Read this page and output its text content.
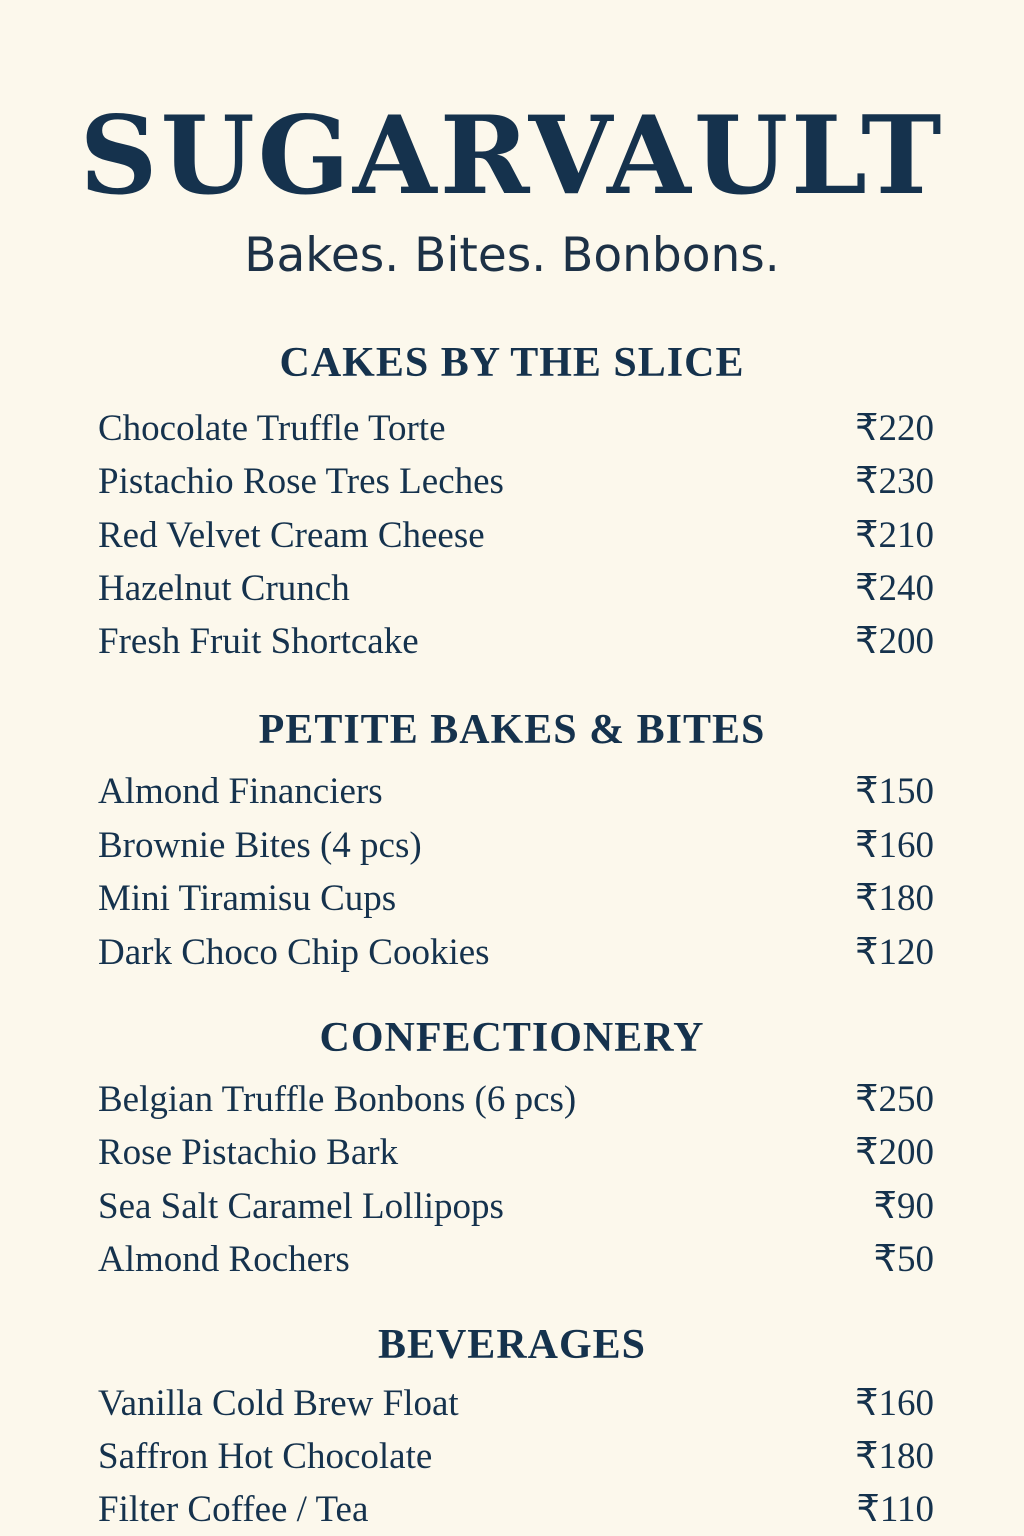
SUGARVAULT
Bakes. Bites. Bonbons.
CAKES BY THE SLICE
Chocolate Truffle Torte	₹220
Pistachio Rose Tres Leches	₹230
Red Velvet Cream Cheese	₹210
Hazelnut Crunch	₹240
Fresh Fruit Shortcake	₹200
PETITE BAKES & BITES
Almond Financiers	₹150
Brownie Bites (4 pcs)	₹160
Mini Tiramisu Cups	₹180
Dark Choco Chip Cookies	₹120
CONFECTIONERY
Belgian Truffle Bonbons (6 pcs)	₹250
Rose Pistachio Bark	₹200
Sea Salt Caramel Lollipops	₹90
Almond Rochers	₹50
BEVERAGES
Vanilla Cold Brew Float	₹160
Saffron Hot Chocolate	₹180
Filter Coffee / Tea	₹110
